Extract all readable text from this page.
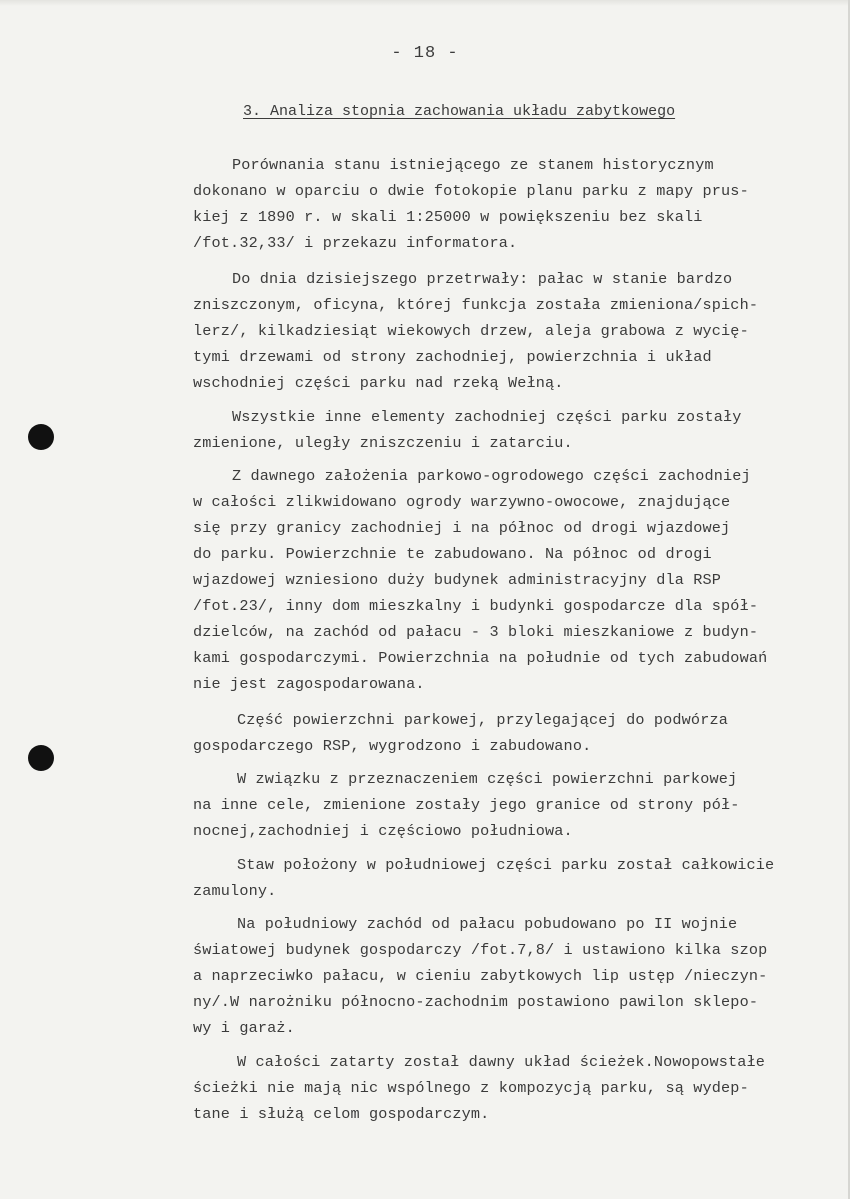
- 18 -
3. Analiza stopnia zachowania układu zabytkowego
Porównania stanu istniejącego ze stanem historycznym
dokonano w oparciu o dwie fotokopie planu parku z mapy prus-
kiej z 1890 r. w skali 1:25000 w powiększeniu bez skali
/fot.32,33/ i przekazu informatora.
Do dnia dzisiejszego przetrwały: pałac w stanie bardzo
zniszczonym, oficyna, której funkcja została zmieniona/spich-
lerz/, kilkadziesiąt wiekowych drzew, aleja grabowa z wycię-
tymi drzewami od strony zachodniej, powierzchnia i układ
wschodniej części parku nad rzeką Wełną.
Wszystkie inne elementy zachodniej części parku zostały
zmienione, uległy zniszczeniu i zatarciu.
Z dawnego założenia parkowo-ogrodowego części zachodniej
w całości zlikwidowano ogrody warzywno-owocowe, znajdujące
się przy granicy zachodniej i na północ od drogi wjazdowej
do parku. Powierzchnie te zabudowano. Na północ od drogi
wjazdowej wzniesiono duży budynek administracyjny dla RSP
/fot.23/, inny dom mieszkalny i budynki gospodarcze dla spół-
dzielców, na zachód od pałacu - 3 bloki mieszkaniowe z budyn-
kami gospodarczymi. Powierzchnia na południe od tych zabudowań
nie jest zagospodarowana.
Część powierzchni parkowej, przylegającej do podwórza
gospodarczego RSP, wygrodzono i zabudowano.
W związku z przeznaczeniem części powierzchni parkowej
na inne cele, zmienione zostały jego granice od strony pół-
nocnej,zachodniej i częściowo południowa.
Staw położony w południowej części parku został całkowicie
zamulony.
Na południowy zachód od pałacu pobudowano po II wojnie
światowej budynek gospodarczy /fot.7,8/ i ustawiono kilka szop
a naprzeciwko pałacu, w cieniu zabytkowych lip ustęp /nieczyn-
ny/.W narożniku północno-zachodnim postawiono pawilon sklepo-
wy i garaż.
W całości zatarty został dawny układ ścieżek.Nowopowstałe
ścieżki nie mają nic wspólnego z kompozycją parku, są wydep-
tane i służą celom gospodarczym.
